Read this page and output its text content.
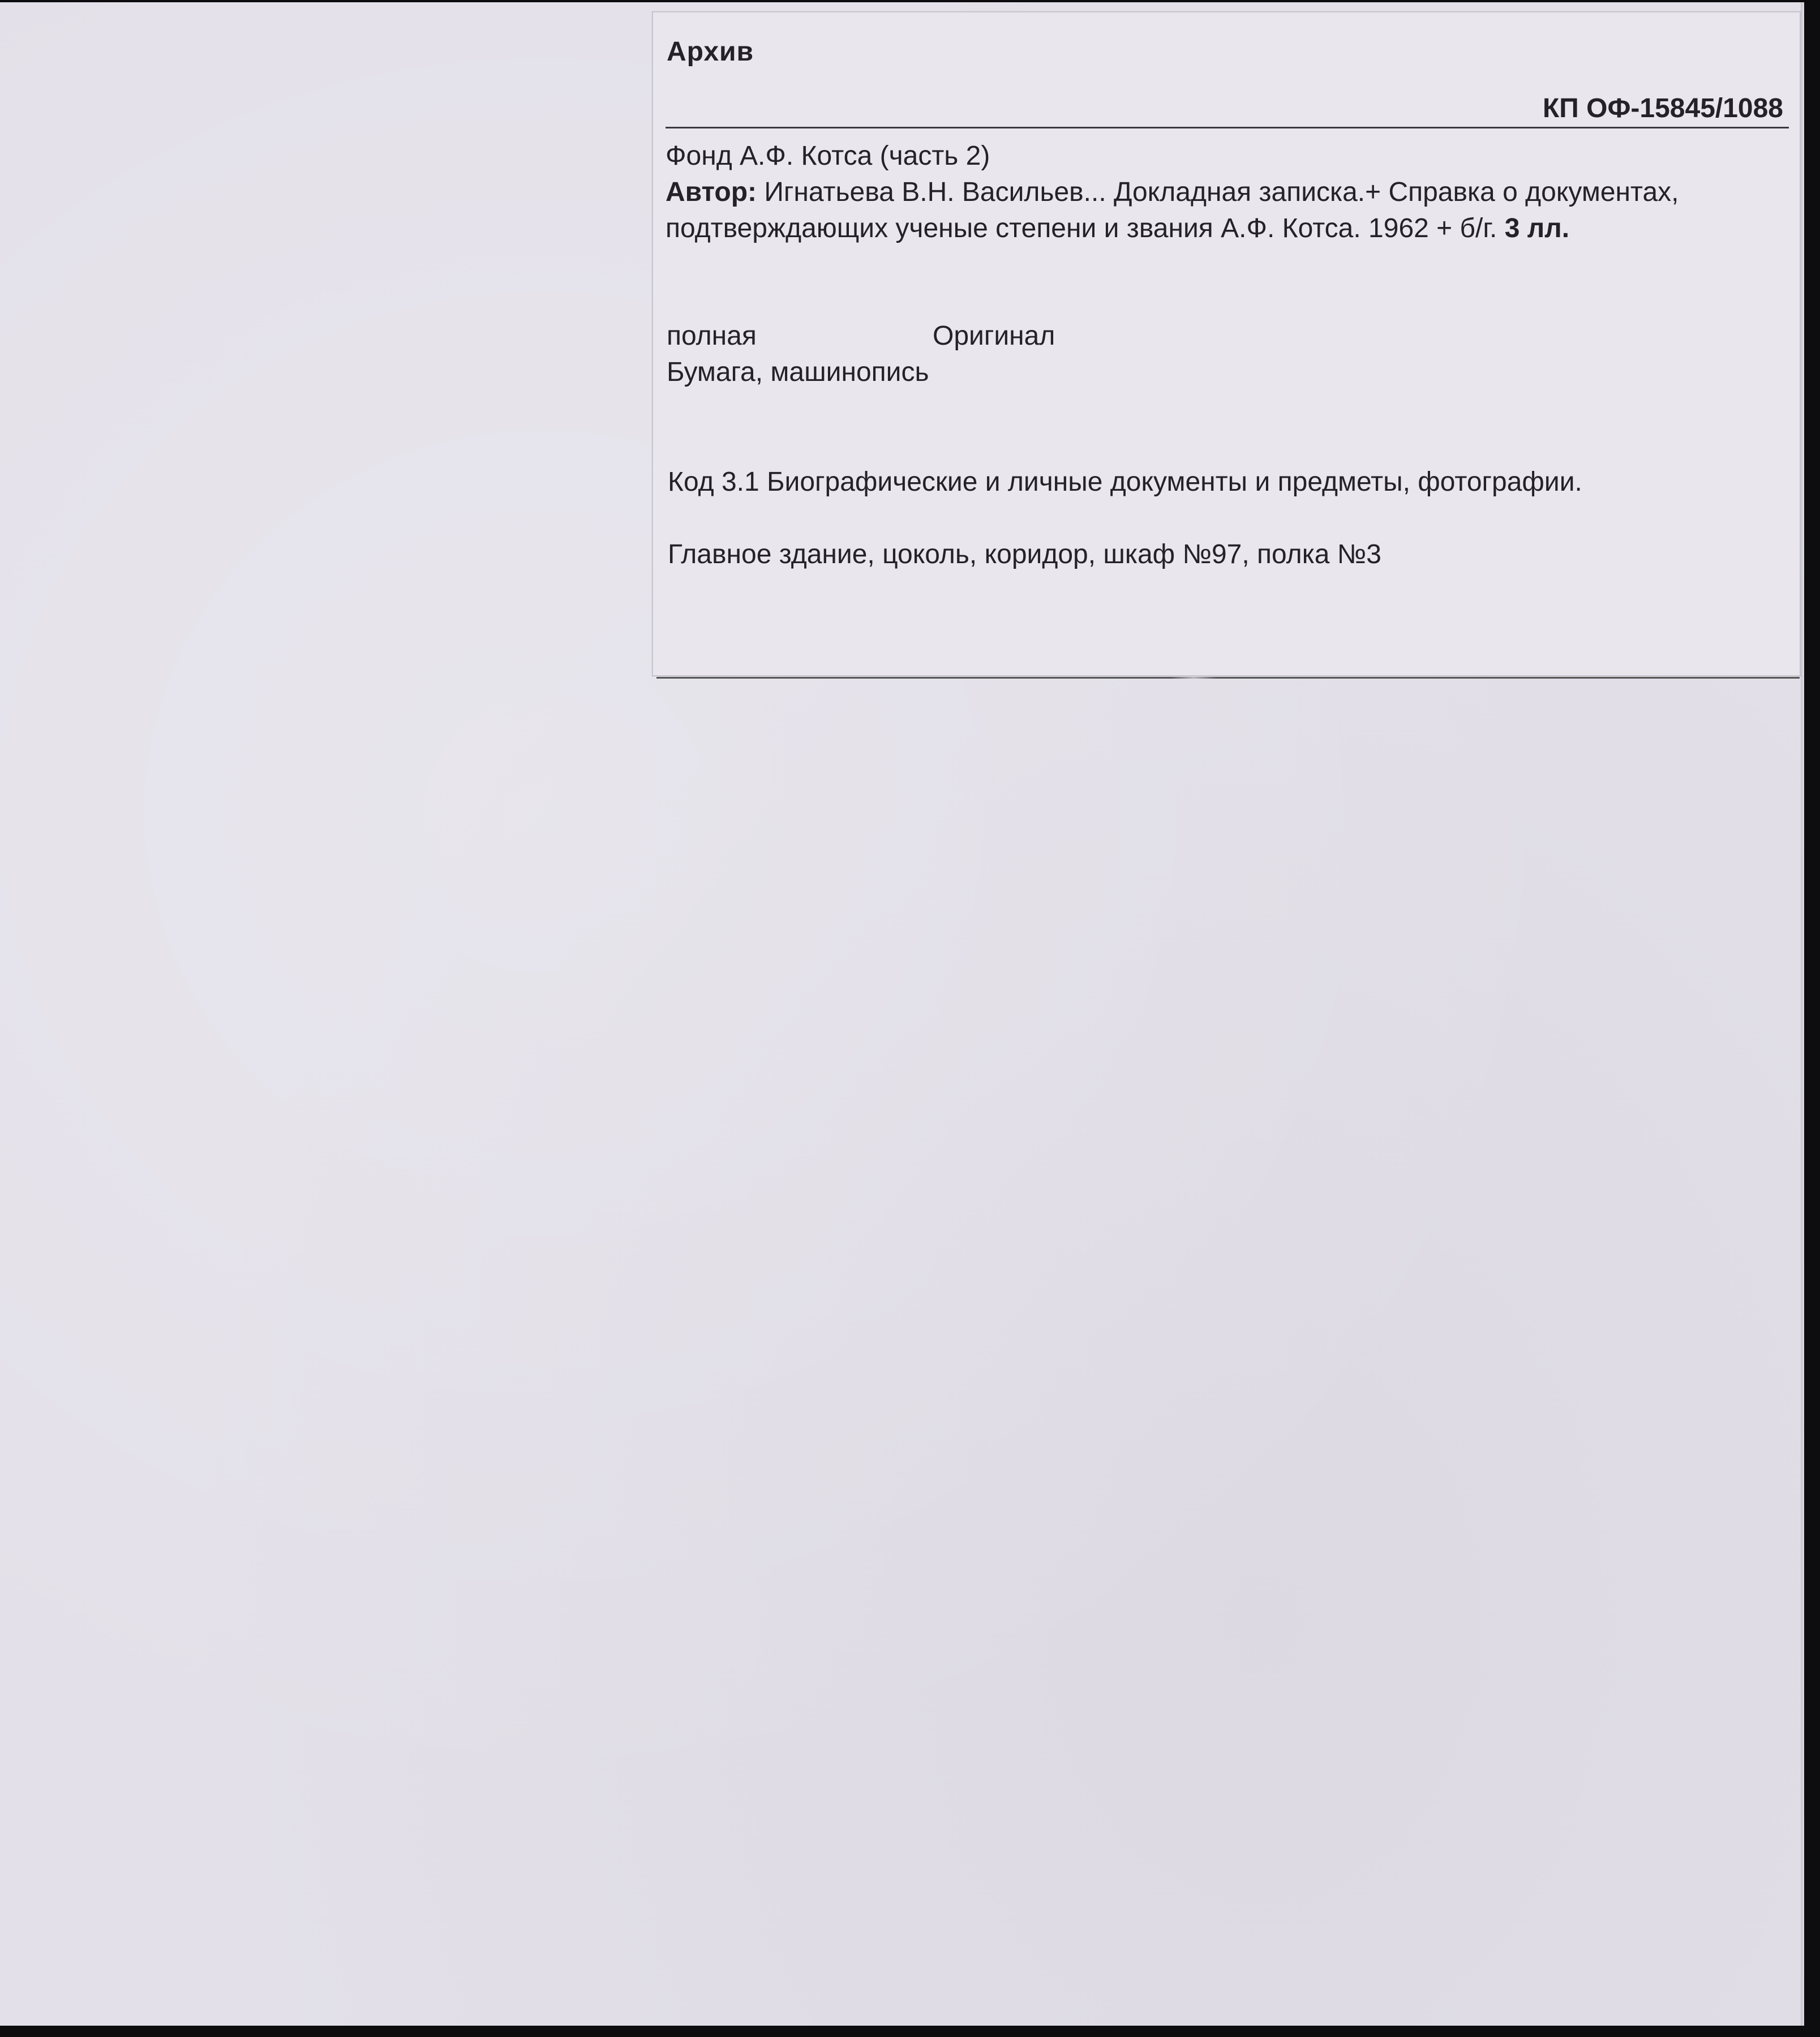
Архив
КП ОФ-15845/1088
Фонд А.Ф. Котса (часть 2)
Автор: Игнатьева В.Н. Васильев... Докладная записка.+ Справка о документах, подтверждающих ученые степени и звания А.Ф. Котса. 1962 + б/г. 3 лл.
полная	Оригинал
Бумага, машинопись
Код 3.1 Биографические и личные документы и предметы, фотографии.
Главное здание, цоколь, коридор, шкаф №97, полка №3
